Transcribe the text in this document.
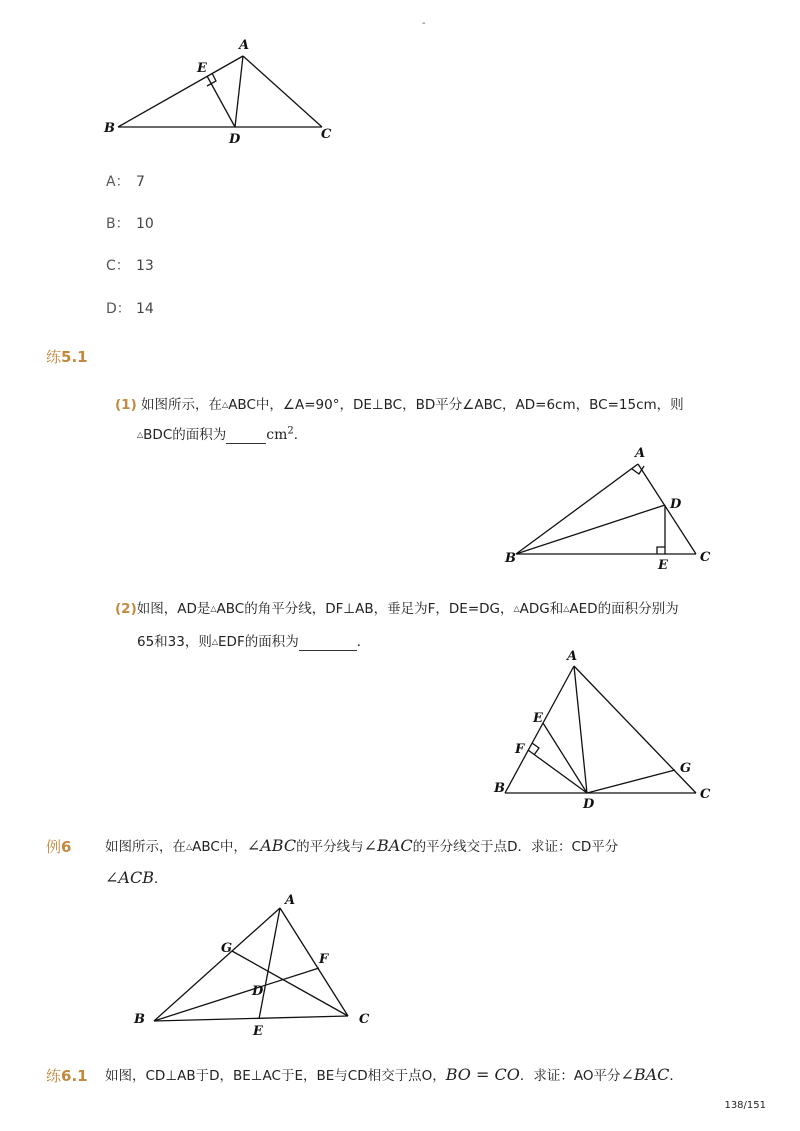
-
A
E
B
D	C
A： 7
B： 10
C： 13
D： 14
练5.1
(1) 如图所示，在△ABC中，∠A=90°，DE⊥BC，BD平分∠ABC，AD=6cm，BC=15cm，则
△BDC的面积为	$cm^2$．
A
D
B	E
C
(2)如图，AD是△ABC的角平分线，DF⊥AB，垂足为F，DE=DG，△ADG和△AED的面积分别为
65和33，则△EDF的面积为	．
A
E
F
G
B
D
C
例6 如图所示，在△ABC中，∠ABC的平分线与∠BAC的平分线交于点D．求证：CD平分
∠ACB．
A
G
F
D
B
E
C
练6.1 如图，CD⊥AB于D，BE⊥AC于E，BE与CD相交于点O，BO = CO．求证：AO平分∠BAC．
138/151
